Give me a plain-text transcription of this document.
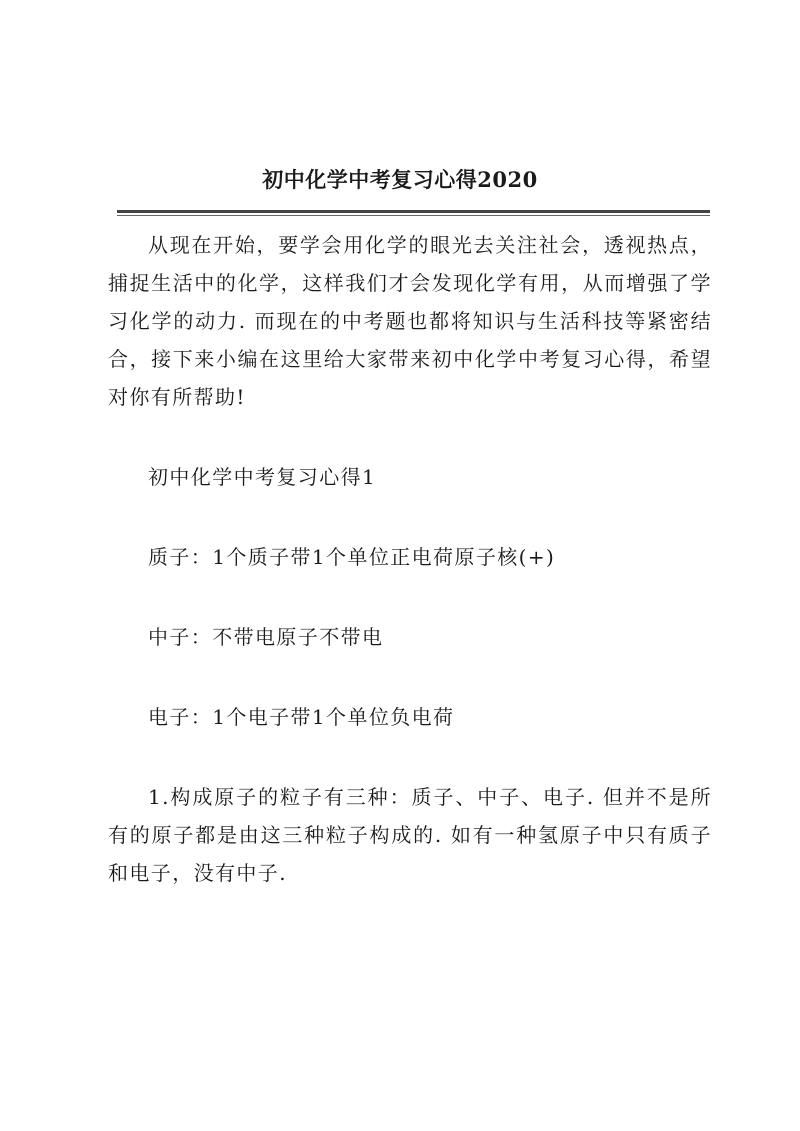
初中化学中考复习心得2020

从现在开始，要学会用化学的眼光去关注社会，透视热点，捕捉生活中的化学，这样我们才会发现化学有用，从而增强了学习化学的动力. 而现在的中考题也都将知识与生活科技等紧密结合，接下来小编在这里给大家带来初中化学中考复习心得，希望对你有所帮助!

初中化学中考复习心得1

质子：1个质子带1个单位正电荷原子核(+)

中子：不带电原子不带电

电子：1个电子带1个单位负电荷

1.构成原子的粒子有三种：质子、中子、电子. 但并不是所有的原子都是由这三种粒子构成的. 如有一种氢原子中只有质子和电子，没有中子.
